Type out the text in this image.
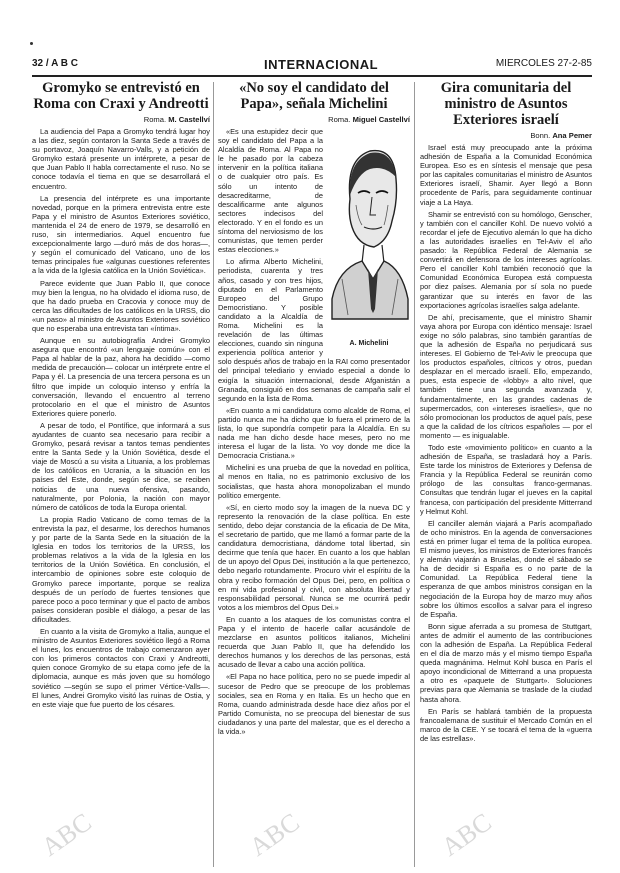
32 / A B C	INTERNACIONAL	MIERCOLES 27-2-85
Gromyko se entrevistó en Roma con Craxi y Andreotti
Roma. M. Castellví

La audiencia del Papa a Gromyko tendrá lugar hoy a las diez, según contaron la Santa Sede a través de su portavoz, Joaquín Navarro-Valls, y a petición de Gromyko estará presente un intérprete, a pesar de que Juan Pablo II habla correctamente el ruso. No se conoce todavía el tiema en que se desarrollará el encuentro.

La presencia del intérprete es una importante novedad, porque en la primera entrevista entre este Papa y el ministro de Asuntos Exteriores soviético, mantenida el 24 de enero de 1979, se desarrolló en ruso, sin intermediarios. Aquel encuentro fue excepcionalmente largo —duró más de dos horas—, y según el comunicado del Vaticano, uno de los temas principales fue «algunas cuestiones referentes a la vida de la Iglesia católica en la Unión Soviética».

Parece evidente que Juan Pablo II, que conoce muy bien la lengua, no ha olvidado el idioma ruso, de que ha dado prueba en Cracovia y conoce muy de cerca las dificultades de los católicos en la URSS, dio «un paso» al ministro de Asuntos Exteriores soviético que no esperaba una entrevista tan «íntima».

Aunque en su autobiografía Andrei Gromyko asegura que encontró «un lenguaje común» con el Papa al hablar de la paz, ahora ha decidido —como medida de precaución— colocar un intérprete entre el Papa y él. La presencia de una tercera persona es un filtro que impide un coloquio intenso y enfría la conversación, llevando el encuentro al terreno protocolario en el que el ministro de Asuntos Exteriores quiere ponerlo.

A pesar de todo, el Pontífice, que informará a sus ayudantes de cuanto sea necesario para recibir a Gromyko, pesará revisar a tantos temas pendientes entre la Santa Sede y la Unión Soviética, desde el viaje de Moscú a su visita a Lituania, a los problemas de los católicos en Ucrania, a la situación en los países del Este, donde, según se dice, se reciben noticias de una nueva ofensiva, pasando, naturalmente, por Polonia, la nación con mayor número de católicos de toda la Europa oriental.

La propia Radio Vaticano de como temas de la entrevista la paz, el desarme, los derechos humanos y por parte de la Santa Sede en la situación de la Iglesia en todos los territorios de la URSS, los problemas relativos a la vida de la Iglesia en los territorios de la Unión Soviética. En conclusión, el intercambio de opiniones sobre este coloquio de Gromyko parece importante, porque se realiza después de un período de fuertes tensiones que parece poco a poco terminar y que el pacto de ambos países consideran posible el diálogo, a pesar de las dificultades.

En cuanto a la visita de Gromyko a Italia, aunque el ministro de Asuntos Exteriores soviético llegó a Roma el lunes, los encuentros de trabajo comenzaron ayer con los primeros contactos con Craxi y Andreotti, quien conoce Gromyko de su etapa como jefe de la diplomacia, aunque es más joven que su homólogo soviético —según se supo el primer Vértice-Valls—. El lunes, Andrei Gromyko visitó las ruinas de Ostia, y en este viaje que fue puerto de los césares.

«No soy el candidato del Papa», señala Michelini
Roma. Miguel Castellví
A. Michelini

«Es una estupidez decir que soy el candidato del Papa a la Alcaldía de Roma. Al Papa no le he pasado por la cabeza intervenir en la política italiana o de cualquier otro país. Es sólo un intento de desacreditarme, de descalificarme ante algunos sectores indecisos del electorado. Y en el fondo es un síntoma del nerviosismo de los comunistas, que temen perder estas elecciones.»

Lo afirma Alberto Michelini, periodista, cuarenta y tres años, casado y con tres hijos, diputado en el Parlamento Europeo del Grupo Democristiano. Y posible candidato a la Alcaldía de Roma. Michelini es la revelación de las últimas elecciones, cuando sin ninguna experiencia política anterior y solo después años de trabajo en la RAI como presentador del principal telediario y enviado especial a donde lo exigía la situación internacional, desde Afganistán a Granada, consiguió en dos semanas de campaña salir el segundo en la lista de Roma.

«En cuanto a mi candidatura como alcalde de Roma, el partido nunca me ha dicho que lo fuera el primero de la lista, lo que supondría competir para la Alcaldía. En su nada me han dicho desde hace meses, pero no me interesa el lugar de la lista. Yo voy donde me dice la Democracia Cristiana.»

Michelini es una prueba de que la novedad en política, al menos en Italia, no es patrimonio exclusivo de los socialistas, que hasta ahora monopolizaban el mundo político emergente.

«Sí, en cierto modo soy la imagen de la nueva DC y represento la renovación de la clase política. En este sentido, debo dejar constancia de la eficacia de De Mita, el secretario de partido, que me llamó a formar parte de la candidatura democristiana, dándome total libertad, sin decirme que tenía que hacer. En cuanto a los que hablan de un apoyo del Opus Dei, institución a la que pertenezco, debo negarlo rotundamente. Procuro vivir el espíritu de la obra y recibo formación del Opus Dei, pero, en política o en mi vida profesional y civil, con absoluta libertad y responsabilidad personal. Nunca se me ocurrirá pedir votos a los miembros del Opus Dei.»

En cuanto a los ataques de los comunistas contra el Papa y el intento de hacerle callar acusándole de mezclarse en asuntos políticos italianos, Michelini recuerda que Juan Pablo II, que ha defendido los derechos humanos y los derechos de las personas, está acusado de llevar a cabo una acción política.

«El Papa no hace política, pero no se puede impedir al sucesor de Pedro que se preocupe de los problemas sociales, sea en Roma y en Italia. Es un hecho que en Roma, cuando administrada desde hace diez años por el Partido Comunista, no se preocupa del bienestar de sus ciudadanos y una parte del malestar, que es el derecho a la vida.»

Gira comunitaria del ministro de Asuntos Exteriores israelí
Bonn. Ana Pemer

Israel está muy preocupado ante la próxima adhesión de España a la Comunidad Económica Europea. Eso es en síntesis el mensaje que pesa por las capitales comunitarias el ministro de Asuntos Exteriores israelí, Shamir. Ayer llegó a Bonn procedente de París, para seguidamente continuar viaje a La Haya.

Shamir se entrevistó con su homólogo, Genscher, y también con el canciller Kohl. De nuevo volvió a recordar el jefe de Ejecutivo alemán lo que ha dicho a las autoridades israelíes en Tel-Aviv el año pasado: la República Federal de Alemania se convertirá en defensora de los intereses agrícolas. Pero el canciller Kohl también reconoció que la Comunidad Económica Europea está compuesta por diez países. Alemania por sí sola no puede garantizar que su interés en favor de las exportaciones agrícolas israelíes salga adelante.

De ahí, precisamente, que el ministro Shamir vaya ahora por Europa con idéntico mensaje: Israel exige no sólo palabras, sino también garantías de que la adhesión de España no perjudicará sus intereses. El Gobierno de Tel-Aviv le preocupa que los productos españoles, cítricos y otros, puedan desplazar en el mercado israelí. Ello, empezando, pues, esta especie de «lobby» a alto nivel, que también tiene una segunda avanzada y, fundamentalmente, en las grandes cadenas de supermercados, con «intereses israelíes», que no sólo promocionan los productos de aquel país, pese a que la calidad de los cítricos españoles — por el momento — es inigualable.

Todo este «movimiento político» en cuanto a la adhesión de España, se trasladará hoy a París. Este tarde los ministros de Exteriores y Defensa de Francia y la República Federal se reunirán como prólogo de las consultas franco-germanas. Consultas que tendrán lugar el jueves en la capital francesa, con participación del presidente Mitterrand y Helmut Kohl.

El canciller alemán viajará a París acompañado de ocho ministros. En la agenda de conversaciones está en primer lugar el tema de la política europea. El mismo jueves, los ministros de Exteriores francés y alemán viajarán a Bruselas, donde el sábado se ha de decidir si España es o no parte de la Comunidad. La República Federal tiene la esperanza de que ambos ministros consigan en la negociación de la Europa hoy de marzo muy años sobre los últimos escollos a salvar para el ingreso de España.

Bonn sigue aferrada a su promesa de Stuttgart, antes de admitir el aumento de las contribuciones con la adhesión de España. La República Federal en el día de marzo más y el mismo tiempo España queda magnánima. Helmut Kohl busca en París el apoyo incondicional de Mitterrand a una propuesta a otro es «paquete de Stuttgart». Soluciones previas para que Alemania se traslade de la ciudad hasta ahora.

En París se hablará también de la propuesta francoalemana de sustituir el Mercado Común en el marco de la CEE. Y se tocará el tema de la «guerra de las estrellas».

ABC	ABC	ABC
